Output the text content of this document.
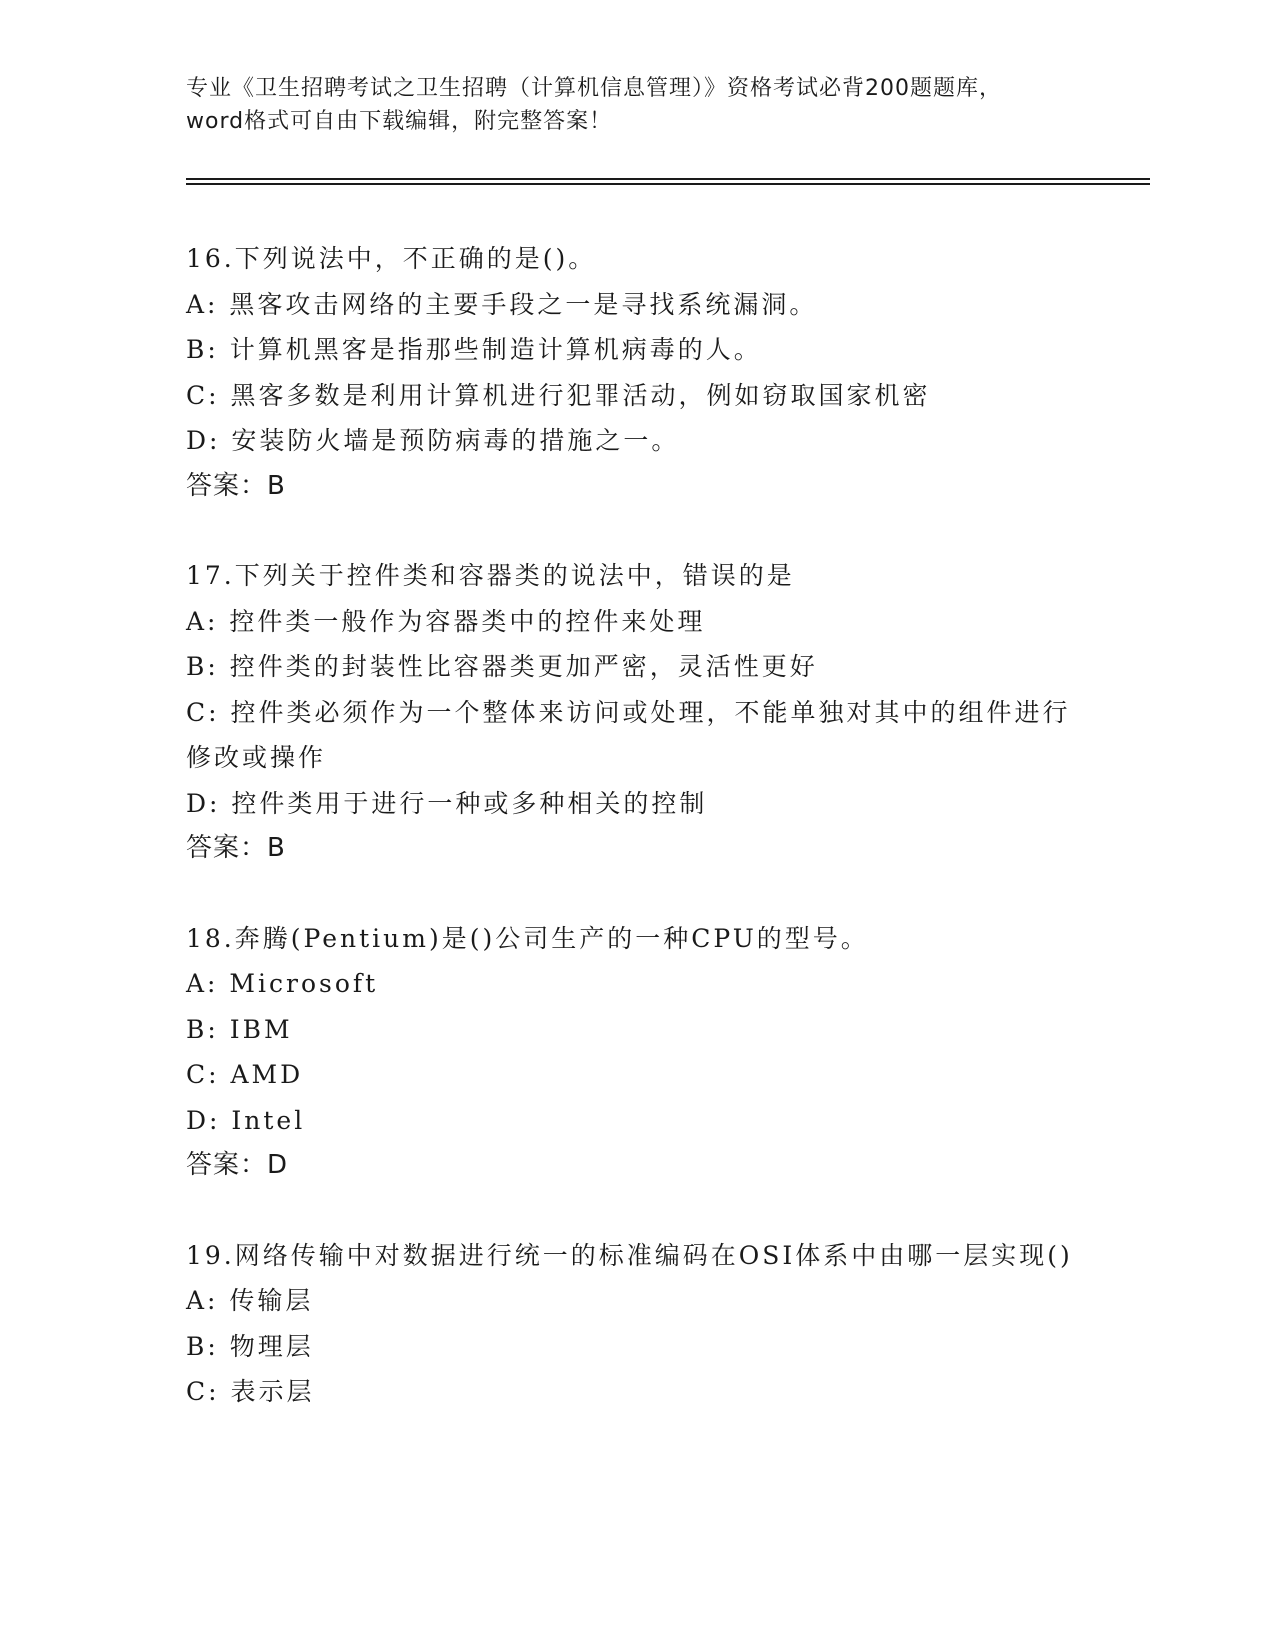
专业《卫生招聘考试之卫生招聘（计算机信息管理）》资格考试必背200题题库，
word格式可自由下载编辑，附完整答案！
16.下列说法中，不正确的是()。
A: 黑客攻击网络的主要手段之一是寻找系统漏洞。
B: 计算机黑客是指那些制造计算机病毒的人。
C: 黑客多数是利用计算机进行犯罪活动，例如窃取国家机密
D: 安装防火墙是预防病毒的措施之一。
答案：B
17.下列关于控件类和容器类的说法中，错误的是
A: 控件类一般作为容器类中的控件来处理
B: 控件类的封装性比容器类更加严密，灵活性更好
C: 控件类必须作为一个整体来访问或处理，不能单独对其中的组件进行修改或操作
D: 控件类用于进行一种或多种相关的控制
答案：B
18.奔腾(Pentium)是()公司生产的一种CPU的型号。
A: Microsoft
B: IBM
C: AMD
D: Intel
答案：D
19.网络传输中对数据进行统一的标准编码在OSI体系中由哪一层实现()
A: 传输层
B: 物理层
C: 表示层
